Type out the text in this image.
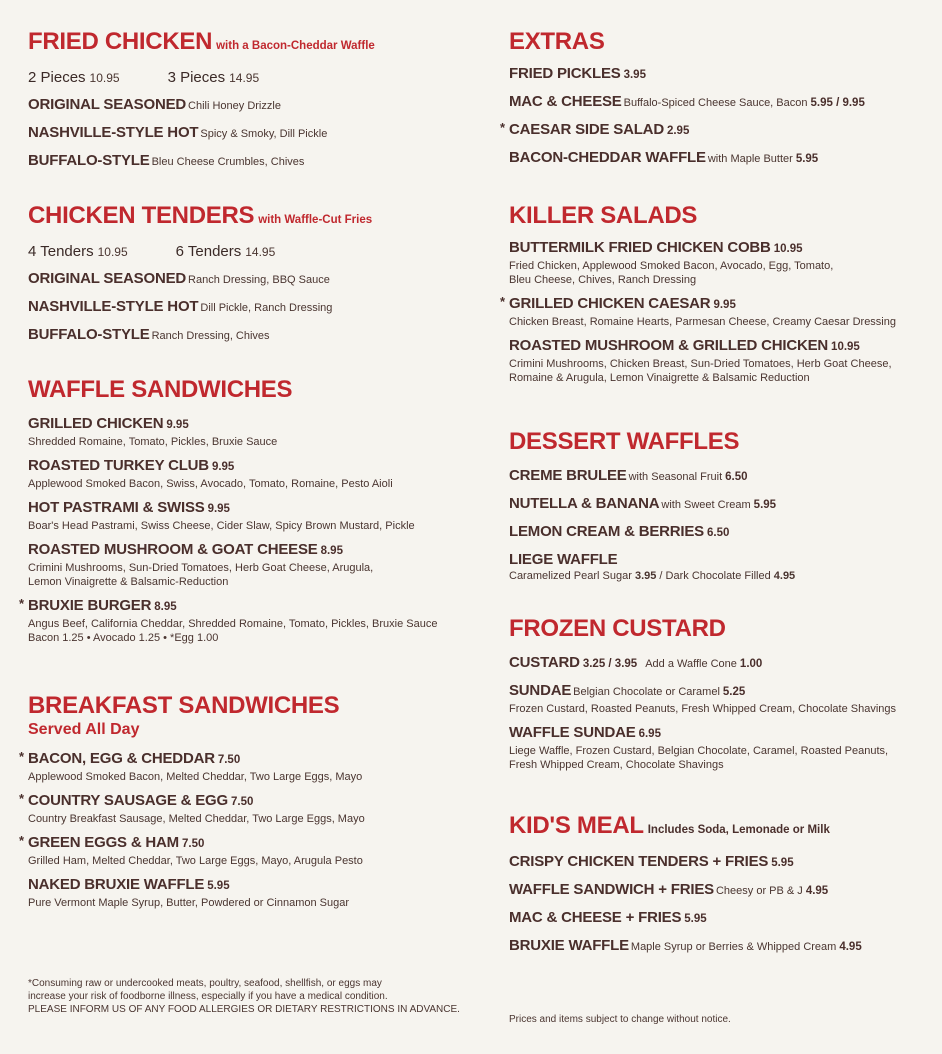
FRIED CHICKEN with a Bacon-Cheddar Waffle
2 Pieces 10.95	3 Pieces 14.95
ORIGINAL SEASONED Chili Honey Drizzle
NASHVILLE-STYLE HOT Spicy & Smoky, Dill Pickle
BUFFALO-STYLE Bleu Cheese Crumbles, Chives
CHICKEN TENDERS with Waffle-Cut Fries
4 Tenders 10.95	6 Tenders 14.95
ORIGINAL SEASONED Ranch Dressing, BBQ Sauce
NASHVILLE-STYLE HOT Dill Pickle, Ranch Dressing
BUFFALO-STYLE Ranch Dressing, Chives
WAFFLE SANDWICHES
GRILLED CHICKEN 9.95
Shredded Romaine, Tomato, Pickles, Bruxie Sauce
ROASTED TURKEY CLUB 9.95
Applewood Smoked Bacon, Swiss, Avocado, Tomato, Romaine, Pesto Aioli
HOT PASTRAMI & SWISS 9.95
Boar's Head Pastrami, Swiss Cheese, Cider Slaw, Spicy Brown Mustard, Pickle
ROASTED MUSHROOM & GOAT CHEESE 8.95
Crimini Mushrooms, Sun-Dried Tomatoes, Herb Goat Cheese, Arugula,
Lemon Vinaigrette & Balsamic-Reduction
* BRUXIE BURGER 8.95
Angus Beef, California Cheddar, Shredded Romaine, Tomato, Pickles, Bruxie Sauce
Bacon 1.25 • Avocado 1.25 • *Egg 1.00
BREAKFAST SANDWICHES
Served All Day
* BACON, EGG & CHEDDAR 7.50
Applewood Smoked Bacon, Melted Cheddar, Two Large Eggs, Mayo
* COUNTRY SAUSAGE & EGG 7.50
Country Breakfast Sausage, Melted Cheddar, Two Large Eggs, Mayo
* GREEN EGGS & HAM 7.50
Grilled Ham, Melted Cheddar, Two Large Eggs, Mayo, Arugula Pesto
NAKED BRUXIE WAFFLE 5.95
Pure Vermont Maple Syrup, Butter, Powdered or Cinnamon Sugar
*Consuming raw or undercooked meats, poultry, seafood, shellfish, or eggs may
increase your risk of foodborne illness, especially if you have a medical condition.
PLEASE INFORM US OF ANY FOOD ALLERGIES OR DIETARY RESTRICTIONS IN ADVANCE.
EXTRAS
FRIED PICKLES 3.95
MAC & CHEESE Buffalo-Spiced Cheese Sauce, Bacon 5.95 / 9.95
* CAESAR SIDE SALAD 2.95
BACON-CHEDDAR WAFFLE with Maple Butter 5.95
KILLER SALADS
BUTTERMILK FRIED CHICKEN COBB 10.95
Fried Chicken, Applewood Smoked Bacon, Avocado, Egg, Tomato,
Bleu Cheese, Chives, Ranch Dressing
* GRILLED CHICKEN CAESAR 9.95
Chicken Breast, Romaine Hearts, Parmesan Cheese, Creamy Caesar Dressing
ROASTED MUSHROOM & GRILLED CHICKEN 10.95
Crimini Mushrooms, Chicken Breast, Sun-Dried Tomatoes, Herb Goat Cheese,
Romaine & Arugula, Lemon Vinaigrette & Balsamic Reduction
DESSERT WAFFLES
CREME BRULEE with Seasonal Fruit 6.50
NUTELLA & BANANA with Sweet Cream 5.95
LEMON CREAM & BERRIES 6.50
LIEGE WAFFLE
Caramelized Pearl Sugar 3.95 / Dark Chocolate Filled 4.95
FROZEN CUSTARD
CUSTARD 3.25 / 3.95 Add a Waffle Cone 1.00
SUNDAE Belgian Chocolate or Caramel 5.25
Frozen Custard, Roasted Peanuts, Fresh Whipped Cream, Chocolate Shavings
WAFFLE SUNDAE 6.95
Liege Waffle, Frozen Custard, Belgian Chocolate, Caramel, Roasted Peanuts,
Fresh Whipped Cream, Chocolate Shavings
KID'S MEAL Includes Soda, Lemonade or Milk
CRISPY CHICKEN TENDERS + FRIES 5.95
WAFFLE SANDWICH + FRIES Cheesy or PB & J 4.95
MAC & CHEESE + FRIES 5.95
BRUXIE WAFFLE Maple Syrup or Berries & Whipped Cream 4.95
Prices and items subject to change without notice.
